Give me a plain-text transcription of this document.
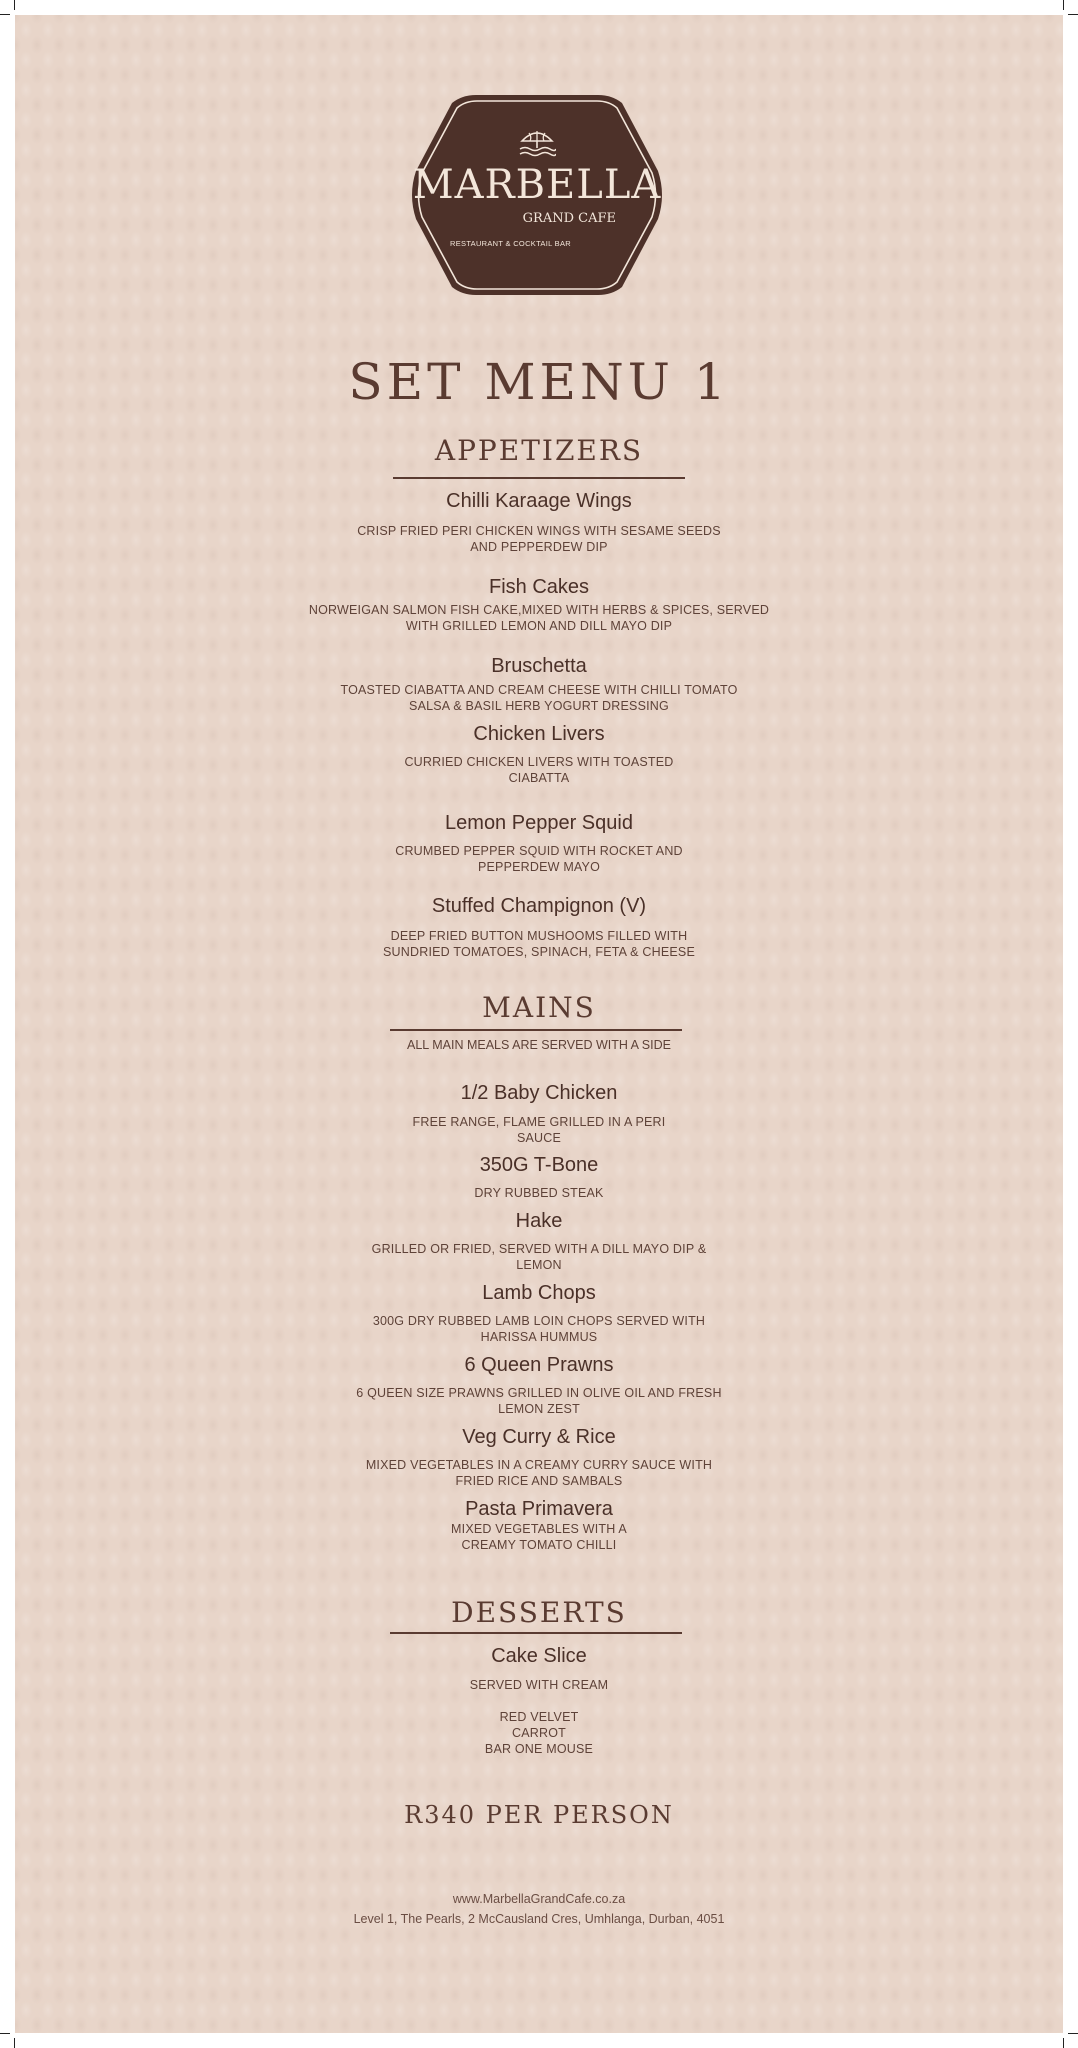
MARBELLA
GRAND CAFE
RESTAURANT & COCKTAIL BAR
SET MENU 1
APPETIZERS
Chilli Karaage Wings
CRISP FRIED PERI CHICKEN WINGS WITH SESAME SEEDS
AND PEPPERDEW DIP
Fish Cakes
NORWEIGAN SALMON FISH CAKE,MIXED WITH HERBS & SPICES, SERVED
WITH GRILLED LEMON AND DILL MAYO DIP
Bruschetta
TOASTED CIABATTA AND CREAM CHEESE WITH CHILLI TOMATO
SALSA & BASIL HERB YOGURT DRESSING
Chicken Livers
CURRIED CHICKEN LIVERS WITH TOASTED
CIABATTA
Lemon Pepper Squid
CRUMBED PEPPER SQUID WITH ROCKET AND
PEPPERDEW MAYO
Stuffed Champignon (V)
DEEP FRIED BUTTON MUSHOOMS FILLED WITH
SUNDRIED TOMATOES, SPINACH, FETA & CHEESE
MAINS
ALL MAIN MEALS ARE SERVED WITH A SIDE
1/2 Baby Chicken
FREE RANGE, FLAME GRILLED IN A PERI
SAUCE
350G T-Bone
DRY RUBBED STEAK
Hake
GRILLED OR FRIED, SERVED WITH A DILL MAYO DIP &
LEMON
Lamb Chops
300G DRY RUBBED LAMB LOIN CHOPS SERVED WITH
HARISSA HUMMUS
6 Queen Prawns
6 QUEEN SIZE PRAWNS GRILLED IN OLIVE OIL AND FRESH
LEMON ZEST
Veg Curry & Rice
MIXED VEGETABLES IN A CREAMY CURRY SAUCE WITH
FRIED RICE AND SAMBALS
Pasta Primavera
MIXED VEGETABLES WITH A
CREAMY TOMATO CHILLI
DESSERTS
Cake Slice
SERVED WITH CREAM
RED VELVET
CARROT
BAR ONE MOUSE
R340 PER PERSON
www.MarbellaGrandCafe.co.za
Level 1, The Pearls, 2 McCausland Cres, Umhlanga, Durban, 4051
